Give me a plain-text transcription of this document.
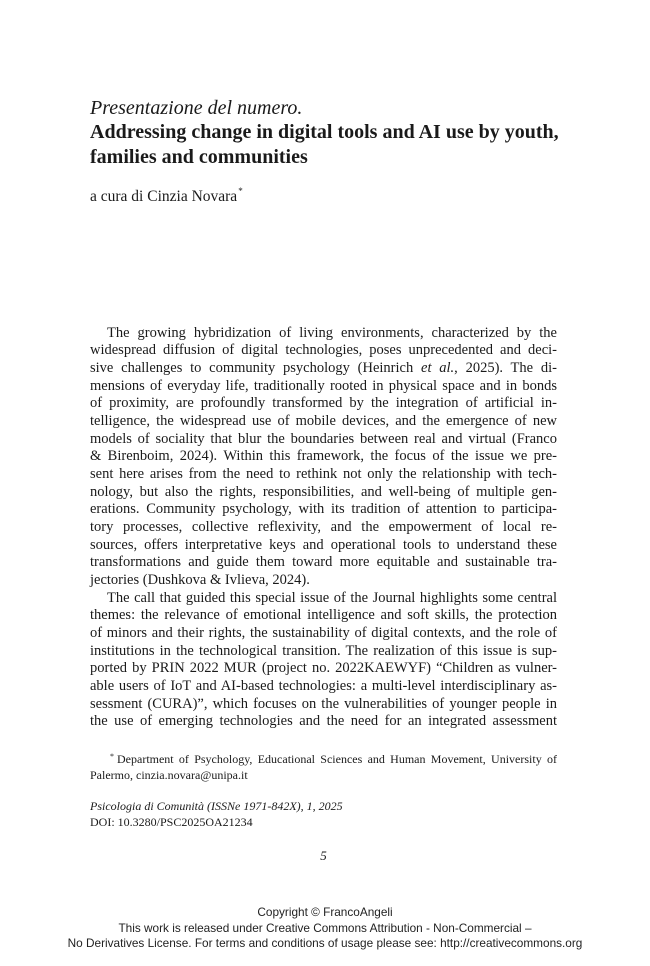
Presentazione del numero.
Addressing change in digital tools and AI use by youth,
families and communities
a cura di Cinzia Novara*
The growing hybridization of living environments, characterized by the
widespread diffusion of digital technologies, poses unprecedented and deci-
sive challenges to community psychology (Heinrich et al., 2025). The di-
mensions of everyday life, traditionally rooted in physical space and in bonds
of proximity, are profoundly transformed by the integration of artificial in-
telligence, the widespread use of mobile devices, and the emergence of new
models of sociality that blur the boundaries between real and virtual (Franco
& Birenboim, 2024). Within this framework, the focus of the issue we pre-
sent here arises from the need to rethink not only the relationship with tech-
nology, but also the rights, responsibilities, and well-being of multiple gen-
erations. Community psychology, with its tradition of attention to participa-
tory processes, collective reflexivity, and the empowerment of local re-
sources, offers interpretative keys and operational tools to understand these
transformations and guide them toward more equitable and sustainable tra-
jectories (Dushkova & Ivlieva, 2024).
The call that guided this special issue of the Journal highlights some central
themes: the relevance of emotional intelligence and soft skills, the protection
of minors and their rights, the sustainability of digital contexts, and the role of
institutions in the technological transition. The realization of this issue is sup-
ported by PRIN 2022 MUR (project no. 2022KAEWYF) “Children as vulner-
able users of IoT and AI-based technologies: a multi-level interdisciplinary as-
sessment (CURA)”, which focuses on the vulnerabilities of younger people in
the use of emerging technologies and the need for an integrated assessment
* Department of Psychology, Educational Sciences and Human Movement, University of
Palermo, cinzia.novara@unipa.it
Psicologia di Comunità (ISSNe 1971-842X), 1, 2025
DOI: 10.3280/PSC2025OA21234
5
Copyright © FrancoAngeli
This work is released under Creative Commons Attribution - Non-Commercial –
No Derivatives License. For terms and conditions of usage please see: http://creativecommons.org
